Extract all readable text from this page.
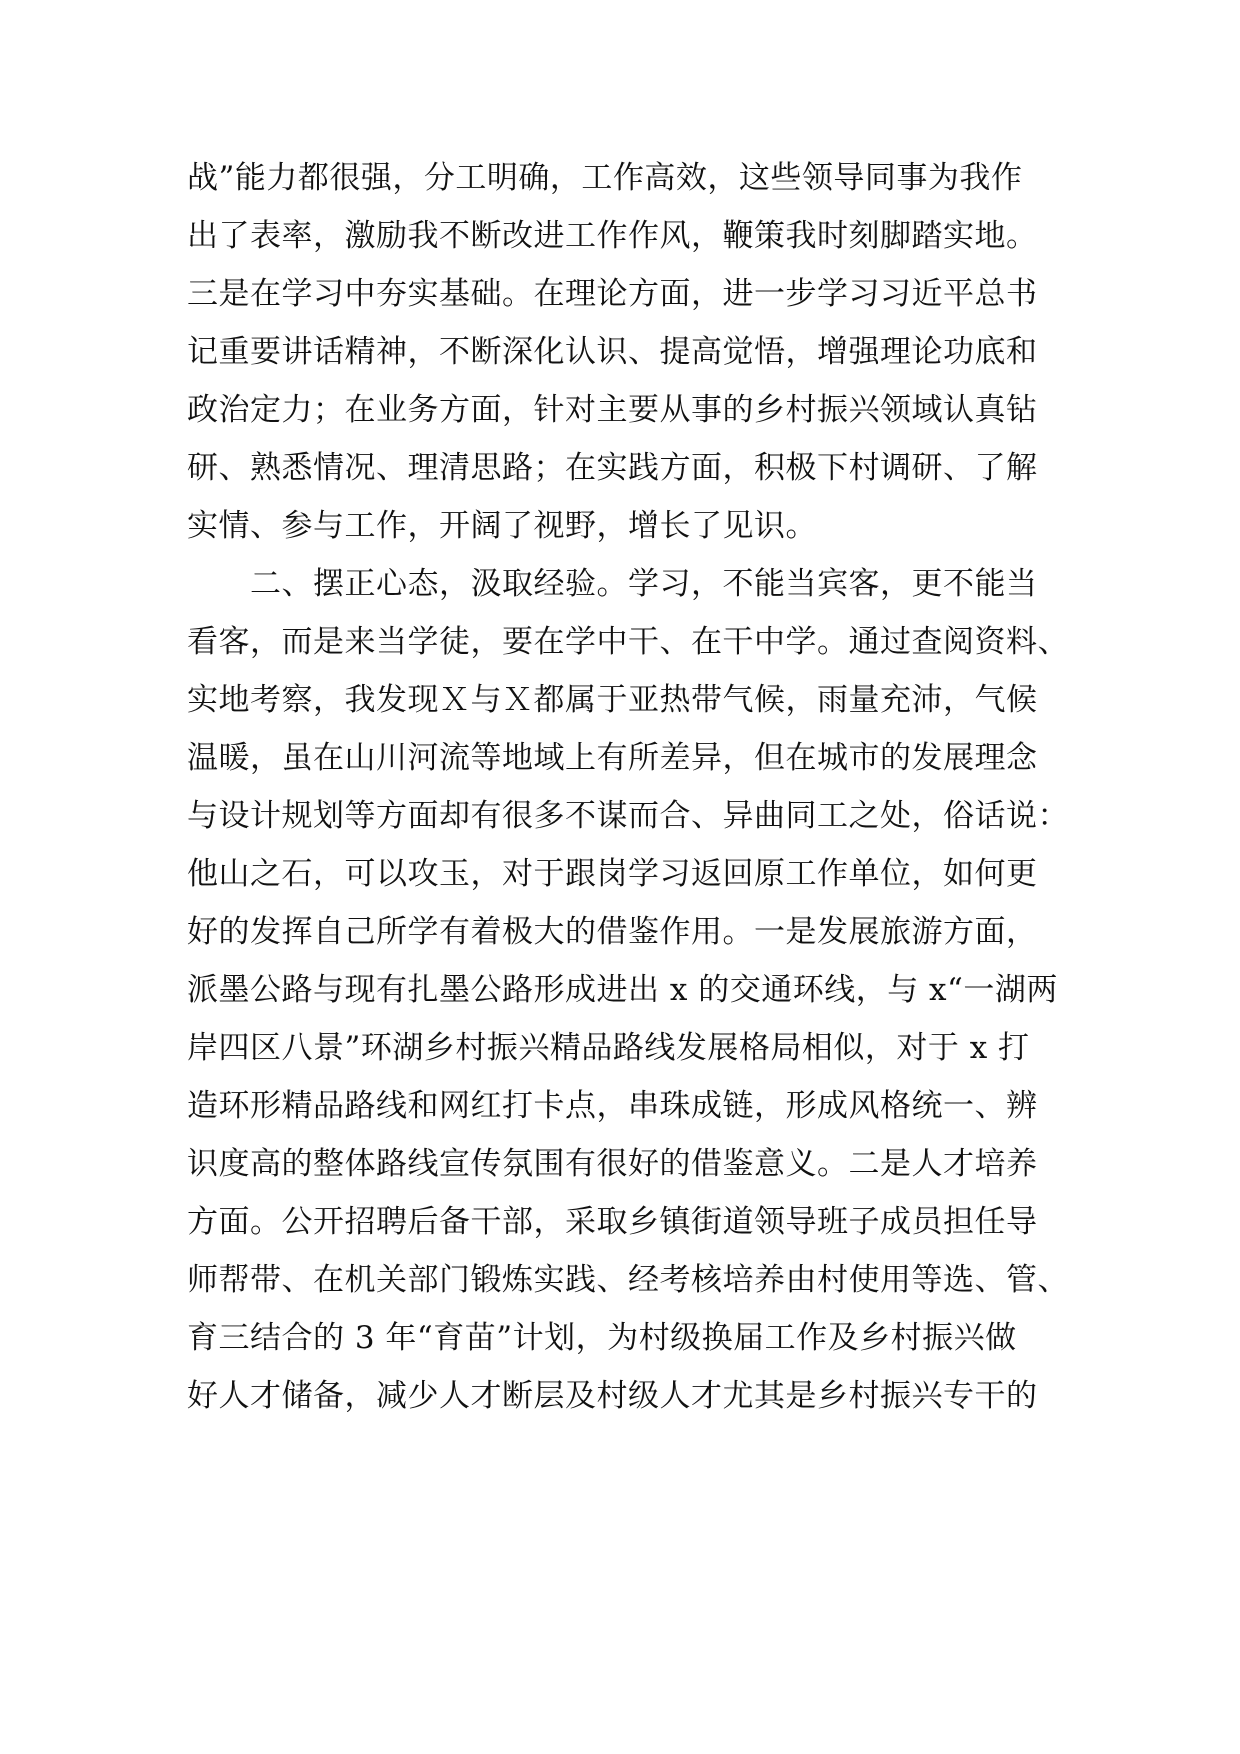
战”能力都很强，分工明确，工作高效，这些领导同事为我作
出了表率，激励我不断改进工作作风，鞭策我时刻脚踏实地。
三是在学习中夯实基础。在理论方面，进一步学习习近平总书
记重要讲话精神，不断深化认识、提高觉悟，增强理论功底和
政治定力；在业务方面，针对主要从事的乡村振兴领域认真钻
研、熟悉情况、理清思路；在实践方面，积极下村调研、了解
实情、参与工作，开阔了视野，增长了见识。
　　二、摆正心态，汲取经验。学习，不能当宾客，更不能当
看客，而是来当学徒，要在学中干、在干中学。通过查阅资料、
实地考察，我发现Ｘ与Ｘ都属于亚热带气候，雨量充沛，气候
温暖，虽在山川河流等地域上有所差异，但在城市的发展理念
与设计规划等方面却有很多不谋而合、异曲同工之处，俗话说：
他山之石，可以攻玉，对于跟岗学习返回原工作单位，如何更
好的发挥自己所学有着极大的借鉴作用。一是发展旅游方面，
派墨公路与现有扎墨公路形成进出 x 的交通环线，与 x“一湖两
岸四区八景”环湖乡村振兴精品路线发展格局相似，对于 x 打
造环形精品路线和网红打卡点，串珠成链，形成风格统一、辨
识度高的整体路线宣传氛围有很好的借鉴意义。二是人才培养
方面。公开招聘后备干部，采取乡镇街道领导班子成员担任导
师帮带、在机关部门锻炼实践、经考核培养由村使用等选、管、
育三结合的 3 年“育苗”计划，为村级换届工作及乡村振兴做
好人才储备，减少人才断层及村级人才尤其是乡村振兴专干的
